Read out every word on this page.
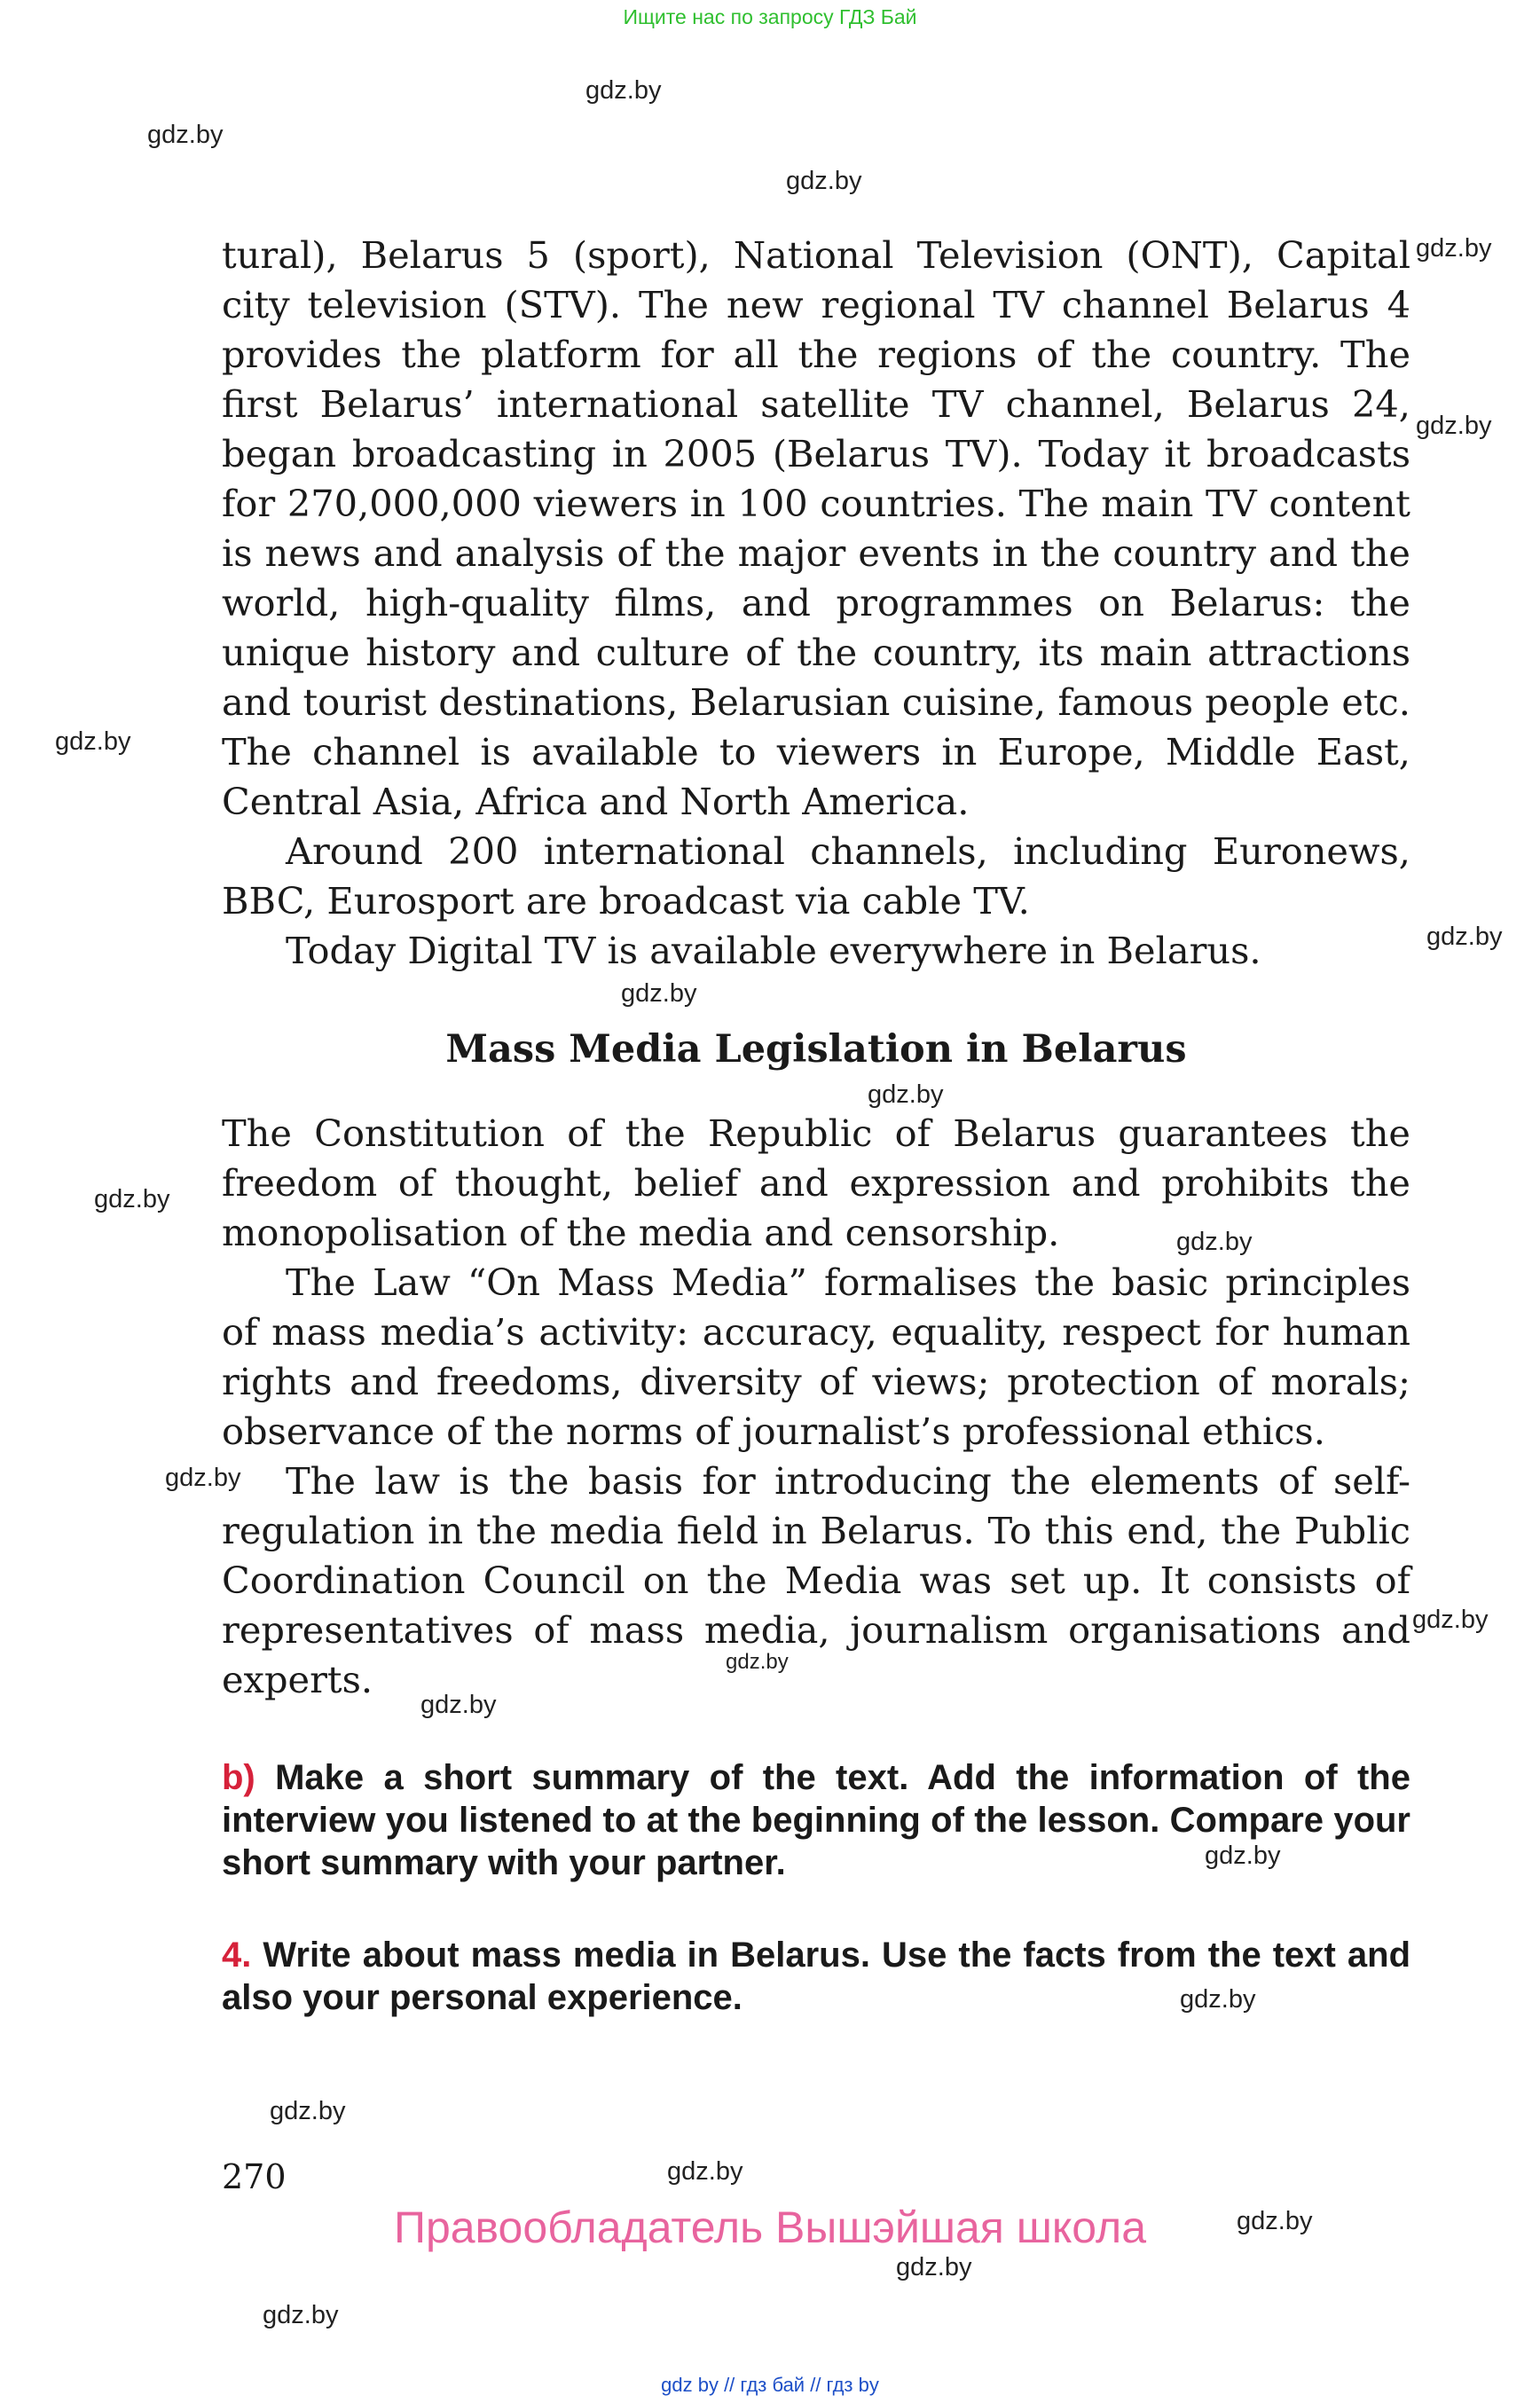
Ищите нас по запросу ГДЗ Бай
gdz.by
gdz.by
gdz.by
gdz.by
gdz.by
gdz.by
gdz.by
gdz.by
gdz.by
gdz.by
gdz.by
gdz.by
gdz.by
gdz.by
gdz.by
gdz.by
gdz.by
gdz.by
gdz.by
gdz.by
gdz.by
gdz.by

tural), Belarus 5 (sport), National Television (ONT), Capital city television (STV). The new regional TV channel Belarus 4 provides the platform for all the regions of the country. The first Belarus’ international satellite TV channel, Belarus 24, began broadcasting in 2005 (Belarus TV). Today it broadcasts for 270,000,000 viewers in 100 countries. The main TV content is news and analysis of the major events in the country and the world, high-quality films, and programmes on Belarus: the unique history and culture of the country, its main attractions and tourist destinations, Belarusian cuisine, famous people etc. The channel is available to viewers in Europe, Middle East, Central Asia, Africa and North America.

Around 200 international channels, including Euronews, BBC, Eurosport are broadcast via cable TV.

Today Digital TV is available everywhere in Belarus.

Mass Media Legislation in Belarus

The Constitution of the Republic of Belarus guarantees the freedom of thought, belief and expression and prohibits the monopolisation of the media and censorship.

The Law “On Mass Media” formalises the basic principles of mass media’s activity: accuracy, equality, respect for human rights and freedoms, diversity of views; protection of morals; observance of the norms of journalist’s professional ethics.

The law is the basis for introducing the elements of self-regulation in the media field in Belarus. To this end, the Public Coordination Council on the Media was set up. It consists of representatives of mass media, journalism organisations and experts.

b) Make a short summary of the text. Add the information of the interview you listened to at the beginning of the lesson. Compare your short summary with your partner.

4. Write about mass media in Belarus. Use the facts from the text and also your personal experience.

270
Правообладатель Вышэйшая школа
gdz by // гдз бай // гдз by
